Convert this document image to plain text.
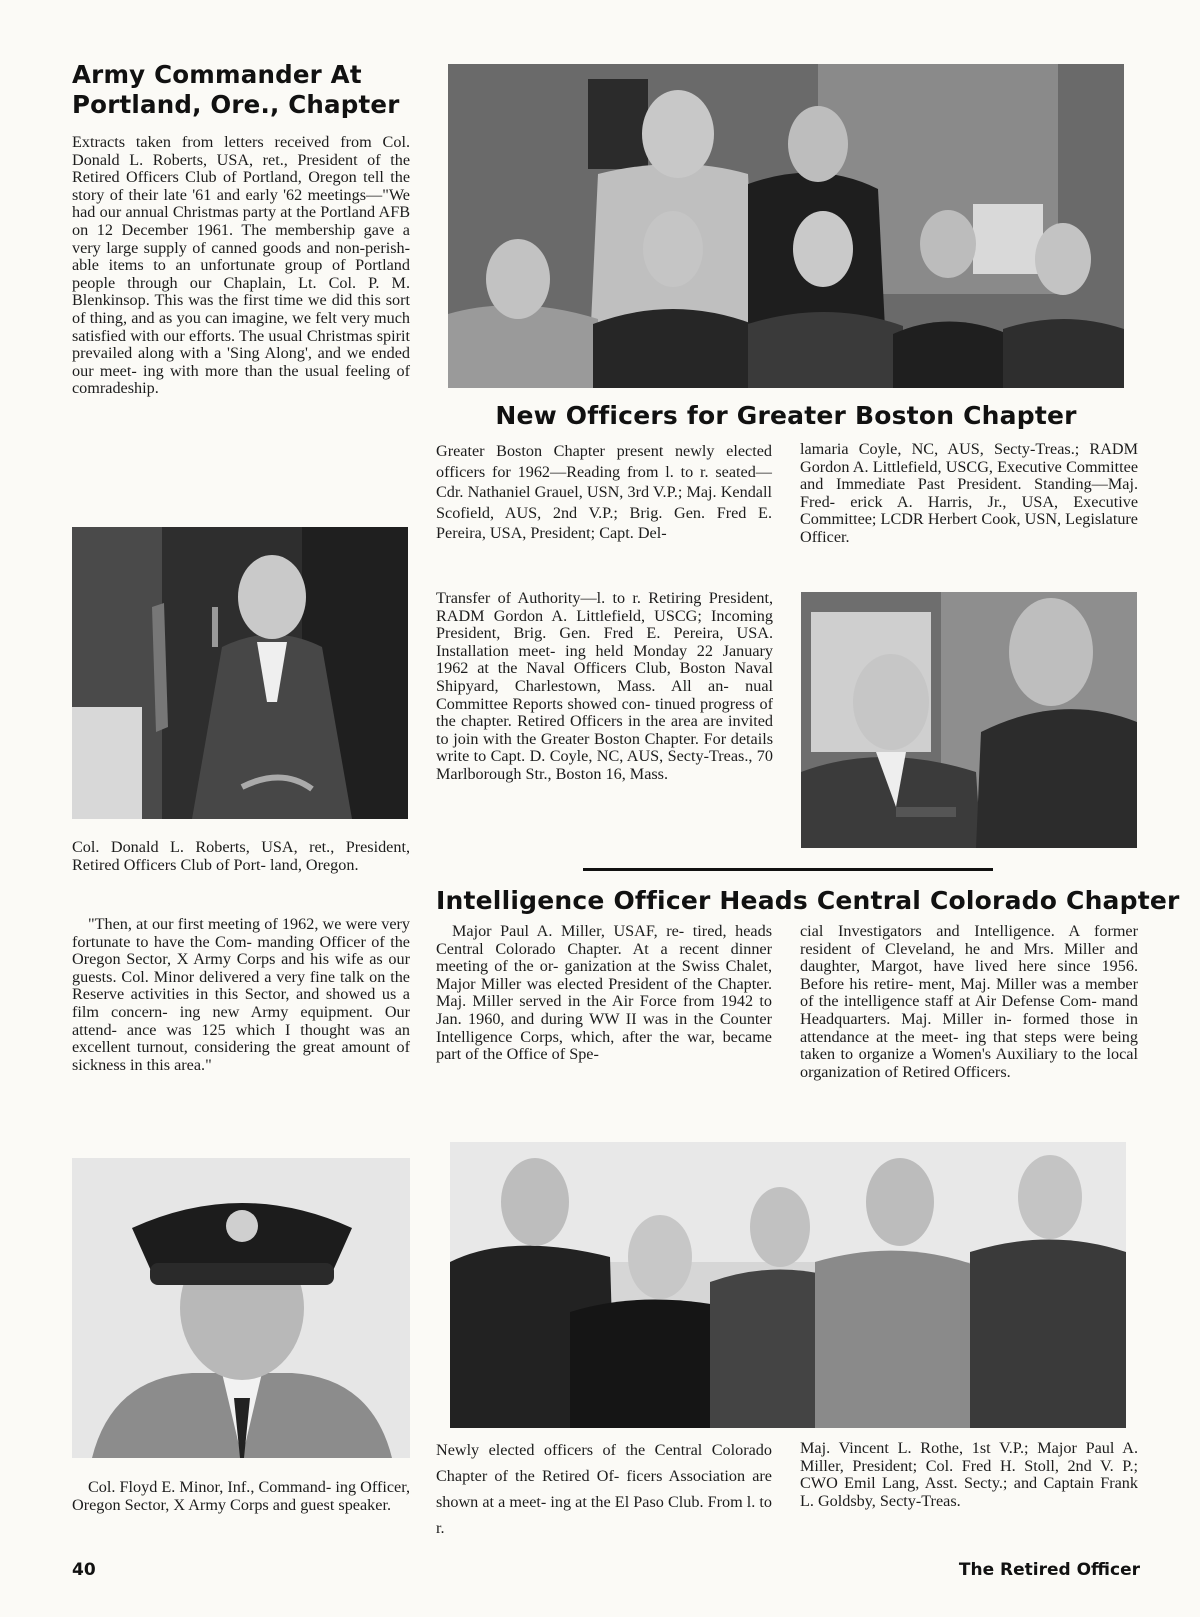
Army Commander At
Portland, Ore., Chapter

Extracts taken from letters received from Col. Donald L. Roberts, USA, ret., President of the Retired Officers Club of Portland, Oregon tell the story of their late '61 and early '62 meetings—"We had our annual Christmas party at the Portland AFB on 12 December 1961. The membership gave a very large supply of canned goods and non-perish- able items to an unfortunate group of Portland people through our Chaplain, Lt. Col. P. M. Blenkinsop. This was the first time we did this sort of thing, and as you can imagine, we felt very much satisfied with our efforts. The usual Christmas spirit prevailed along with a 'Sing Along', and we ended our meet- ing with more than the usual feeling of comradeship.

Col. Donald L. Roberts, USA, ret., President, Retired Officers Club of Port- land, Oregon.

"Then, at our first meeting of 1962, we were very fortunate to have the Com- manding Officer of the Oregon Sector, X Army Corps and his wife as our guests. Col. Minor delivered a very fine talk on the Reserve activities in this Sector, and showed us a film concern- ing new Army equipment. Our attend- ance was 125 which I thought was an excellent turnout, considering the great amount of sickness in this area."

Col. Floyd E. Minor, Inf., Command- ing Officer, Oregon Sector, X Army Corps and guest speaker.

New Officers for Greater Boston Chapter

Greater Boston Chapter present newly elected officers for 1962—Reading from l. to r. seated—Cdr. Nathaniel Grauel, USN, 3rd V.P.; Maj. Kendall Scofield, AUS, 2nd V.P.; Brig. Gen. Fred E. Pereira, USA, President; Capt. Del-

lamaria Coyle, NC, AUS, Secty-Treas.; RADM Gordon A. Littlefield, USCG, Executive Committee and Immediate Past President. Standing—Maj. Fred- erick A. Harris, Jr., USA, Executive Committee; LCDR Herbert Cook, USN, Legislature Officer.

Transfer of Authority—l. to r. Retiring President, RADM Gordon A. Littlefield, USCG; Incoming President, Brig. Gen. Fred E. Pereira, USA. Installation meet- ing held Monday 22 January 1962 at the Naval Officers Club, Boston Naval Shipyard, Charlestown, Mass. All an- nual Committee Reports showed con- tinued progress of the chapter. Retired Officers in the area are invited to join with the Greater Boston Chapter. For details write to Capt. D. Coyle, NC, AUS, Secty-Treas., 70 Marlborough Str., Boston 16, Mass.

Intelligence Officer Heads Central Colorado Chapter

Major Paul A. Miller, USAF, re- tired, heads Central Colorado Chapter. At a recent dinner meeting of the or- ganization at the Swiss Chalet, Major Miller was elected President of the Chapter. Maj. Miller served in the Air Force from 1942 to Jan. 1960, and during WW II was in the Counter Intelligence Corps, which, after the war, became part of the Office of Spe-

cial Investigators and Intelligence. A former resident of Cleveland, he and Mrs. Miller and daughter, Margot, have lived here since 1956. Before his retire- ment, Maj. Miller was a member of the intelligence staff at Air Defense Com- mand Headquarters. Maj. Miller in- formed those in attendance at the meet- ing that steps were being taken to organize a Women's Auxiliary to the local organization of Retired Officers.

Newly elected officers of the Central Colorado Chapter of the Retired Of- ficers Association are shown at a meet- ing at the El Paso Club. From l. to r.

Maj. Vincent L. Rothe, 1st V.P.; Major Paul A. Miller, President; Col. Fred H. Stoll, 2nd V. P.; CWO Emil Lang, Asst. Secty.; and Captain Frank L. Goldsby, Secty-Treas.

40	The Retired Officer
